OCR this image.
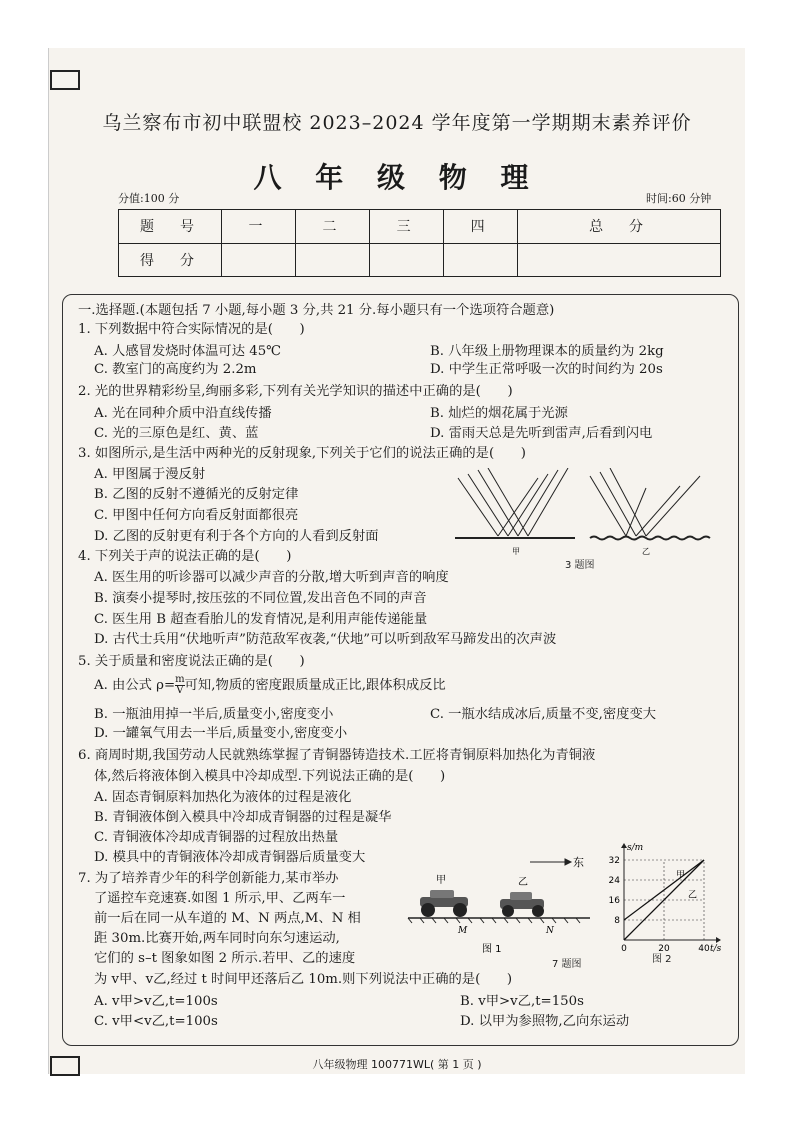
乌兰察布市初中联盟校 2023–2024 学年度第一学期期末素养评价
八 年 级 物 理
分值:100 分	时间:60 分钟
题　号	一	二	三	四	总　分
得　分					
一.选择题.(本题包括 7 小题,每小题 3 分,共 21 分.每小题只有一个选项符合题意)
1. 下列数据中符合实际情况的是(　　)
A. 人感冒发烧时体温可达 45℃	B. 八年级上册物理课本的质量约为 2kg
C. 教室门的高度约为 2.2m	D. 中学生正常呼吸一次的时间约为 20s
2. 光的世界精彩纷呈,绚丽多彩,下列有关光学知识的描述中正确的是(　　)
A. 光在同种介质中沿直线传播	B. 灿烂的烟花属于光源
C. 光的三原色是红、黄、蓝	D. 雷雨天总是先听到雷声,后看到闪电
3. 如图所示,是生活中两种光的反射现象,下列关于它们的说法正确的是(　　)
A. 甲图属于漫反射
B. 乙图的反射不遵循光的反射定律
C. 甲图中任何方向看反射面都很亮
D. 乙图的反射更有利于各个方向的人看到反射面
甲	乙
3 题图
4. 下列关于声的说法正确的是(　　)
A. 医生用的听诊器可以减少声音的分散,增大听到声音的响度
B. 演奏小提琴时,按压弦的不同位置,发出音色不同的声音
C. 医生用 B 超查看胎儿的发育情况,是利用声能传递能量
D. 古代士兵用“伏地听声”防范敌军夜袭,“伏地”可以听到敌军马蹄发出的次声波
5. 关于质量和密度说法正确的是(　　)
A. 由公式 $\rho= \frac{m}{V}$ 可知,物质的密度跟质量成正比,跟体积成反比
B. 一瓶油用掉一半后,质量变小,密度变小	C. 一瓶水结成冰后,质量不变,密度变大
D. 一罐氧气用去一半后,质量变小,密度变小
6. 商周时期,我国劳动人民就熟练掌握了青铜器铸造技术.工匠将青铜原料加热化为青铜液
体,然后将液体倒入模具中冷却成型.下列说法正确的是(　　)
A. 固态青铜原料加热化为液体的过程是液化
B. 青铜液体倒入模具中冷却成青铜器的过程是凝华
C. 青铜液体冷却成青铜器的过程放出热量
D. 模具中的青铜液体冷却成青铜器后质量变大
7. 为了培养青少年的科学创新能力,某市举办
了遥控车竞速赛.如图 1 所示,甲、乙两车一
前一后在同一从车道的 M、N 两点,M、N 相
距 30m.比赛开始,两车同时向东匀速运动,
它们的 s–t 图象如图 2 所示.若甲、乙的速度
为 v甲、v乙,经过 t 时间甲还落后乙 10m.则下列说法中正确的是(　　)
A. v甲>v乙,t=100s	B. v甲>v乙,t=150s
C. v甲<v乙,t=100s	D. 以甲为参照物,乙向东运动
东
甲	乙
M	N
图 1
8
16
24
32
0	20	40
s/m
t/s
甲
乙
7 题图	图 2
八年级物理 100771WL( 第 1 页 )
